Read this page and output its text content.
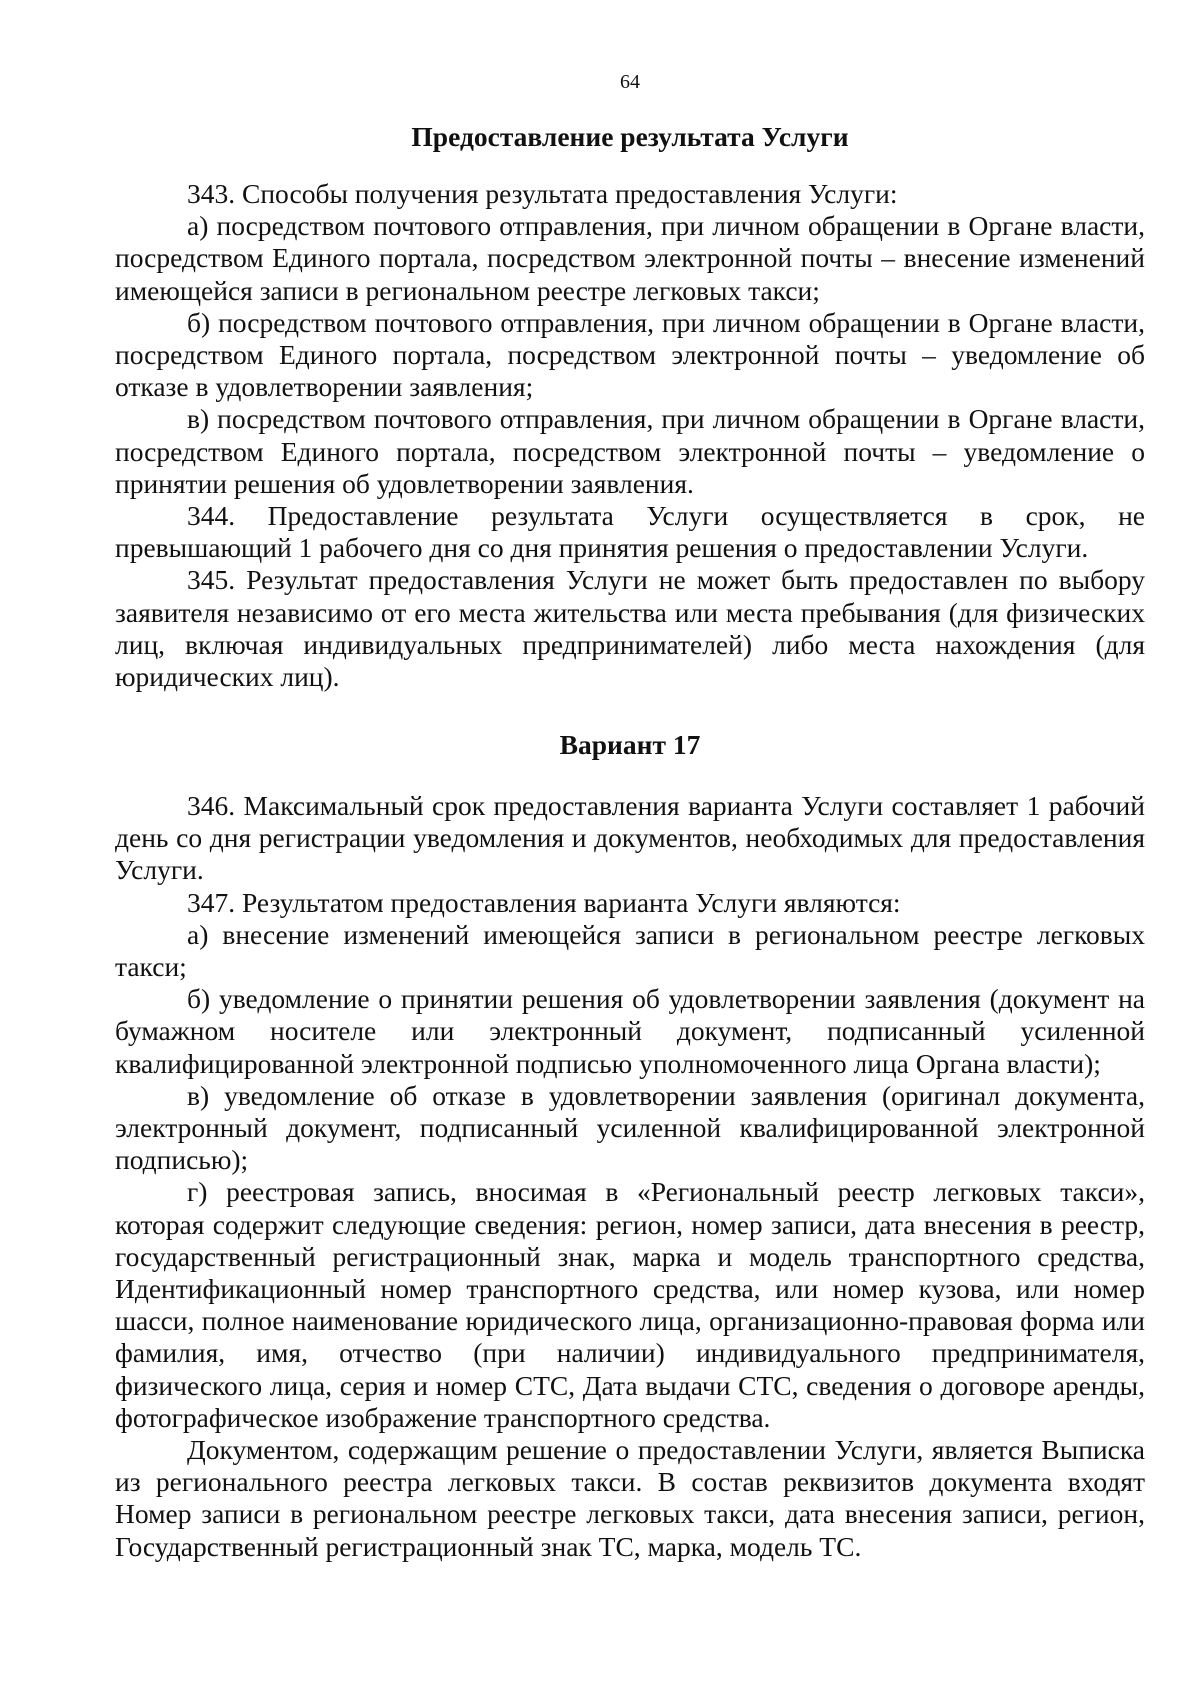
64
Предоставление результата Услуги

343. Способы получения результата предоставления Услуги:

а) посредством почтового отправления, при личном обращении в Органе власти, посредством Единого портала, посредством электронной почты – внесение изменений имеющейся записи в региональном реестре легковых такси;

б) посредством почтового отправления, при личном обращении в Органе власти, посредством Единого портала, посредством электронной почты – уведомление об отказе в удовлетворении заявления;

в) посредством почтового отправления, при личном обращении в Органе власти, посредством Единого портала, посредством электронной почты – уведомление о принятии решения об удовлетворении заявления.

344. Предоставление результата Услуги осуществляется в срок, не превышающий 1 рабочего дня со дня принятия решения о предоставлении Услуги.

345. Результат предоставления Услуги не может быть предоставлен по выбору заявителя независимо от его места жительства или места пребывания (для физических лиц, включая индивидуальных предпринимателей) либо места нахождения (для юридических лиц).

Вариант 17

346. Максимальный срок предоставления варианта Услуги составляет 1 рабочий день со дня регистрации уведомления и документов, необходимых для предоставления Услуги.

347. Результатом предоставления варианта Услуги являются:

а) внесение изменений имеющейся записи в региональном реестре легковых такси;

б) уведомление о принятии решения об удовлетворении заявления (документ на бумажном носителе или электронный документ, подписанный усиленной квалифицированной электронной подписью уполномоченного лица Органа власти);

в) уведомление об отказе в удовлетворении заявления (оригинал документа, электронный документ, подписанный усиленной квалифицированной электронной подписью);

г) реестровая запись, вносимая в «Региональный реестр легковых такси», которая содержит следующие сведения: регион, номер записи, дата внесения в реестр, государственный регистрационный знак, марка и модель транспортного средства, Идентификационный номер транспортного средства, или номер кузова, или номер шасси, полное наименование юридического лица, организационно-правовая форма или фамилия, имя, отчество (при наличии) индивидуального предпринимателя, физического лица, серия и номер СТС, Дата выдачи СТС, сведения о договоре аренды, фотографическое изображение транспортного средства.

Документом, содержащим решение о предоставлении Услуги, является Выписка из регионального реестра легковых такси. В состав реквизитов документа входят Номер записи в региональном реестре легковых такси, дата внесения записи, регион, Государственный регистрационный знак ТС, марка, модель ТС.
